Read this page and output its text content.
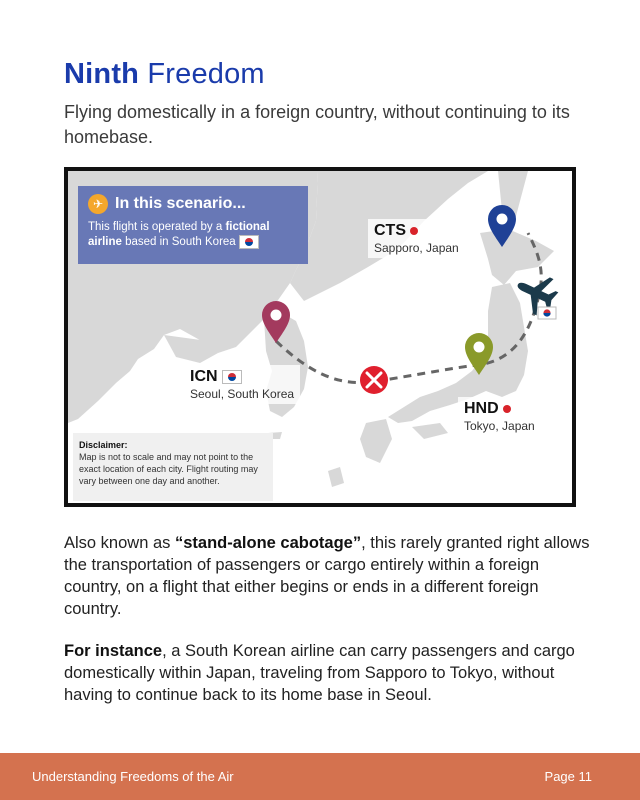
Ninth Freedom

Flying domestically in a foreign country, without continuing to its homebase.

✈ In this scenario...
This flight is operated by a fictional airline based in South Korea
CTS
Sapporo, Japan
ICN
Seoul, South Korea
HND
Tokyo, Japan
Disclaimer:
Map is not to scale and may not point to the exact location of each city. Flight routing may vary between one day and another.

Also known as “stand-alone cabotage”, this rarely granted right allows the transportation of passengers or cargo entirely within a foreign country, on a flight that either begins or ends in a different foreign country.

For instance, a South Korean airline can carry passengers and cargo domestically within Japan, traveling from Sapporo to Tokyo, without having to continue back to its home base in Seoul.

Understanding Freedoms of the Air	Page 11
